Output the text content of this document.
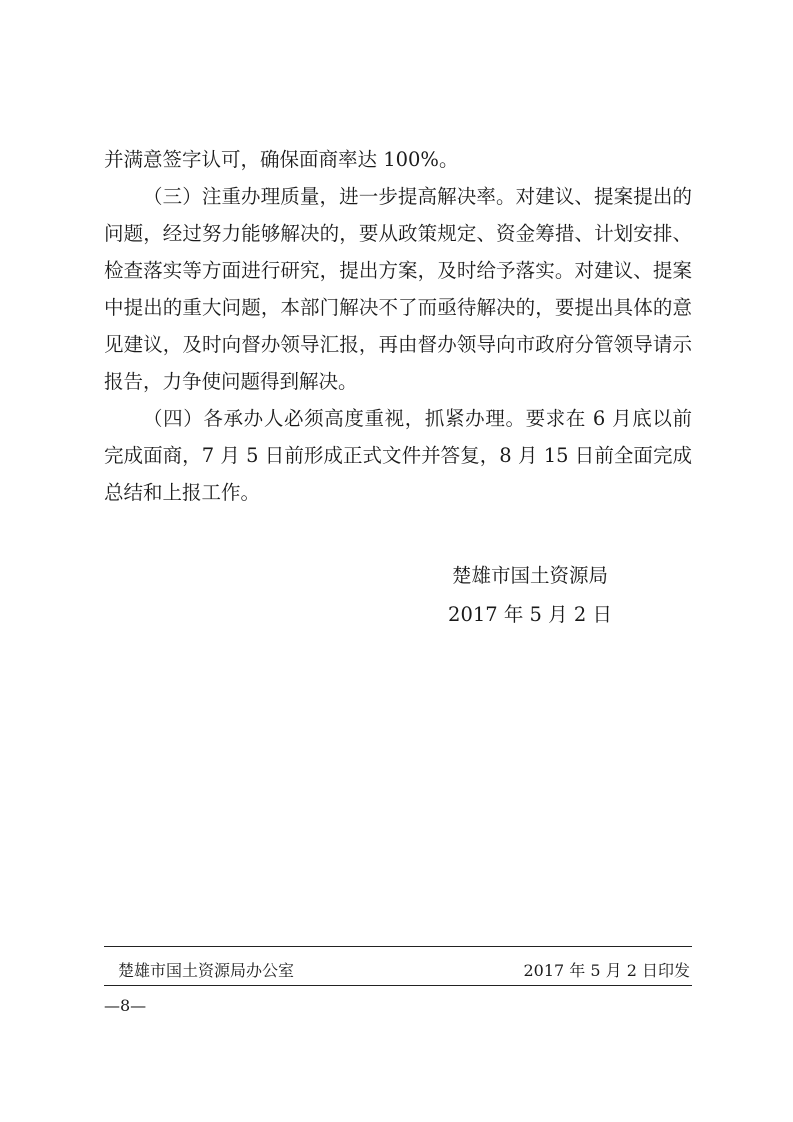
并满意签字认可，确保面商率达 100%。

（三）注重办理质量，进一步提高解决率。对建议、提案提出的问题，经过努力能够解决的，要从政策规定、资金筹措、计划安排、检查落实等方面进行研究，提出方案，及时给予落实。对建议、提案中提出的重大问题，本部门解决不了而亟待解决的，要提出具体的意见建议，及时向督办领导汇报，再由督办领导向市政府分管领导请示报告，力争使问题得到解决。

（四）各承办人必须高度重视，抓紧办理。要求在 6 月底以前完成面商，7 月 5 日前形成正式文件并答复，8 月 15 日前全面完成总结和上报工作。

楚雄市国土资源局
2017 年 5 月 2 日
楚雄市国土资源局办公室	2017 年 5 月 2 日印发
—8—
